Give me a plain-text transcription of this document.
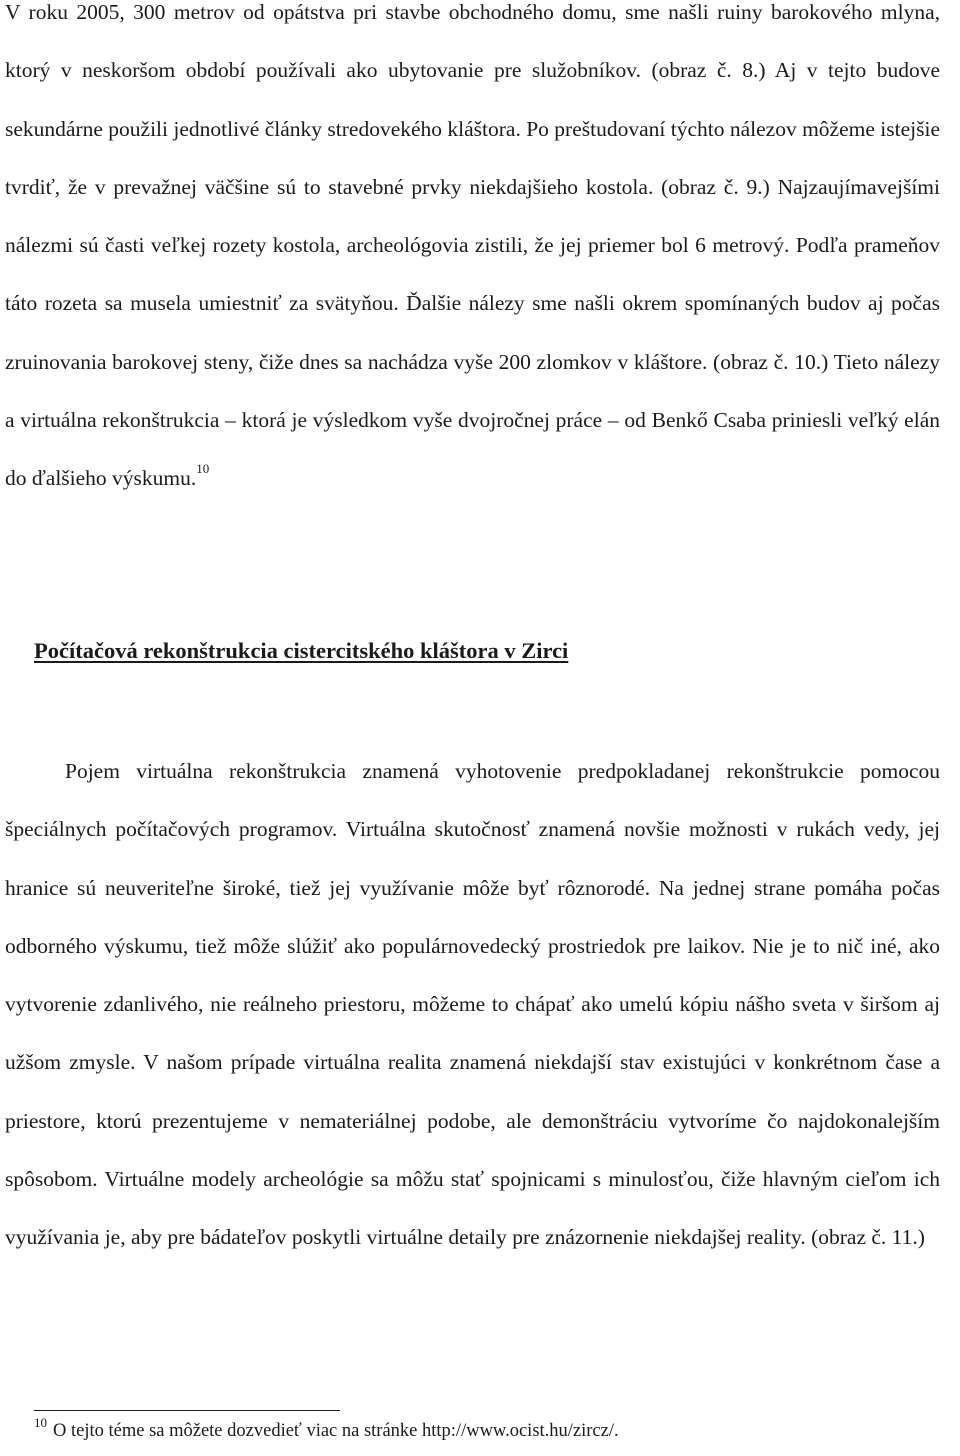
V roku 2005, 300 metrov od opátstva pri stavbe obchodného domu, sme našli ruiny barokového mlyna, ktorý v neskoršom období používali ako ubytovanie pre služobníkov. (obraz č. 8.) Aj v tejto budove sekundárne použili jednotlivé články stredovekého kláštora. Po preštudovaní týchto nálezov môžeme istejšie tvrdiť, že v prevažnej väčšine sú to stavebné prvky niekdajšieho kostola. (obraz č. 9.) Najzaujímavejšími nálezmi sú časti veľkej rozety kostola, archeológovia zistili, že jej priemer bol 6 metrový. Podľa prameňov táto rozeta sa musela umiestniť za svätyňou. Ďalšie nálezy sme našli okrem spomínaných budov aj počas zruinovania barokovej steny, čiže dnes sa nachádza vyše 200 zlomkov v kláštore. (obraz č. 10.) Tieto nálezy a virtuálna rekonštrukcia – ktorá je výsledkom vyše dvojročnej práce – od Benkő Csaba priniesli veľký elán do ďalšieho výskumu.$^{10}$

Počítačová rekonštrukcia cistercitského kláštora v Zirci

Pojem virtuálna rekonštrukcia znamená vyhotovenie predpokladanej rekonštrukcie pomocou špeciálnych počítačových programov. Virtuálna skutočnosť znamená novšie možnosti v rukách vedy, jej hranice sú neuveriteľne široké, tiež jej využívanie môže byť rôznorodé. Na jednej strane pomáha počas odborného výskumu, tiež môže slúžiť ako populárnovedecký prostriedok pre laikov. Nie je to nič iné, ako vytvorenie zdanlivého, nie reálneho priestoru, môžeme to chápať ako umelú kópiu nášho sveta v širšom aj užšom zmysle. V našom prípade virtuálna realita znamená niekdajší stav existujúci v konkrétnom čase a priestore, ktorú prezentujeme v nemateriálnej podobe, ale demonštráciu vytvoríme čo najdokonalejším spôsobom. Virtuálne modely archeológie sa môžu stať spojnicami s minulosťou, čiže hlavným cieľom ich využívania je, aby pre bádateľov poskytli virtuálne detaily pre znázornenie niekdajšej reality. (obraz č. 11.)

$^{10}$ O tejto téme sa môžete dozvedieť viac na stránke http://www.ocist.hu/zircz/.
